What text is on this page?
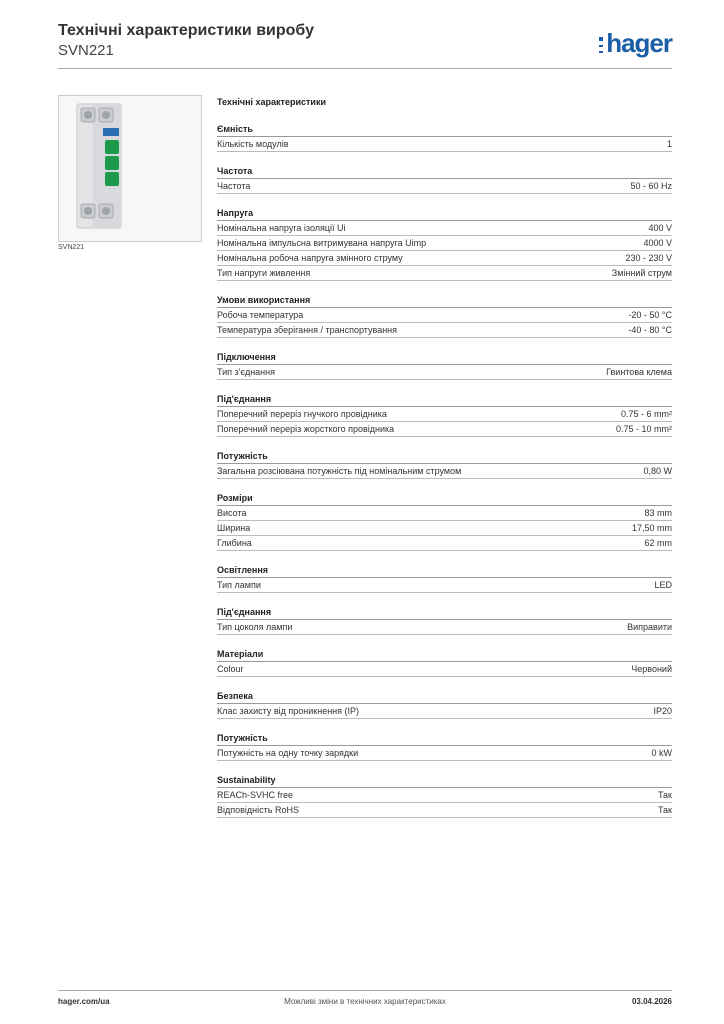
Технічні характеристики виробу
SVN221	hager
SVN221
Технічні характеристики
Ємність
Кількість модулів	1
Частота
Частота	50 - 60 Hz
Напруга
Номінальна напруга ізоляції Ui	400 V
Номінальна імпульсна витримувана напруга Uimp	4000 V
Номінальна робоча напруга змінного струму	230 - 230 V
Тип напруги живлення	Змінний струм
Умови використання
Робоча температура	-20 - 50 °C
Температура зберігання / транспортування	-40 - 80 °C
Підключення
Тип з'єднання	Гвинтова клема
Під'єднання
Поперечний переріз гнучкого провідника	0.75 - 6 mm²
Поперечний переріз жорсткого провідника	0.75 - 10 mm²
Потужність
Загальна розсіювана потужність під номінальним струмом	0,80 W
Розміри
Висота	83 mm
Ширина	17,50 mm
Глибина	62 mm
Освітлення
Тип лампи	LED
Під'єднання
Тип цоколя лампи	Виправити
Матеріали
Colour	Червоний
Безпека
Клас захисту від проникнення (IP)	IP20
Потужність
Потужність на одну точку зарядки	0 kW
Sustainability
REACh-SVHC free	Так
Відповідність RoHS	Так
hager.com/ua	Можливі зміни в технічних характеристиках	03.04.2026
